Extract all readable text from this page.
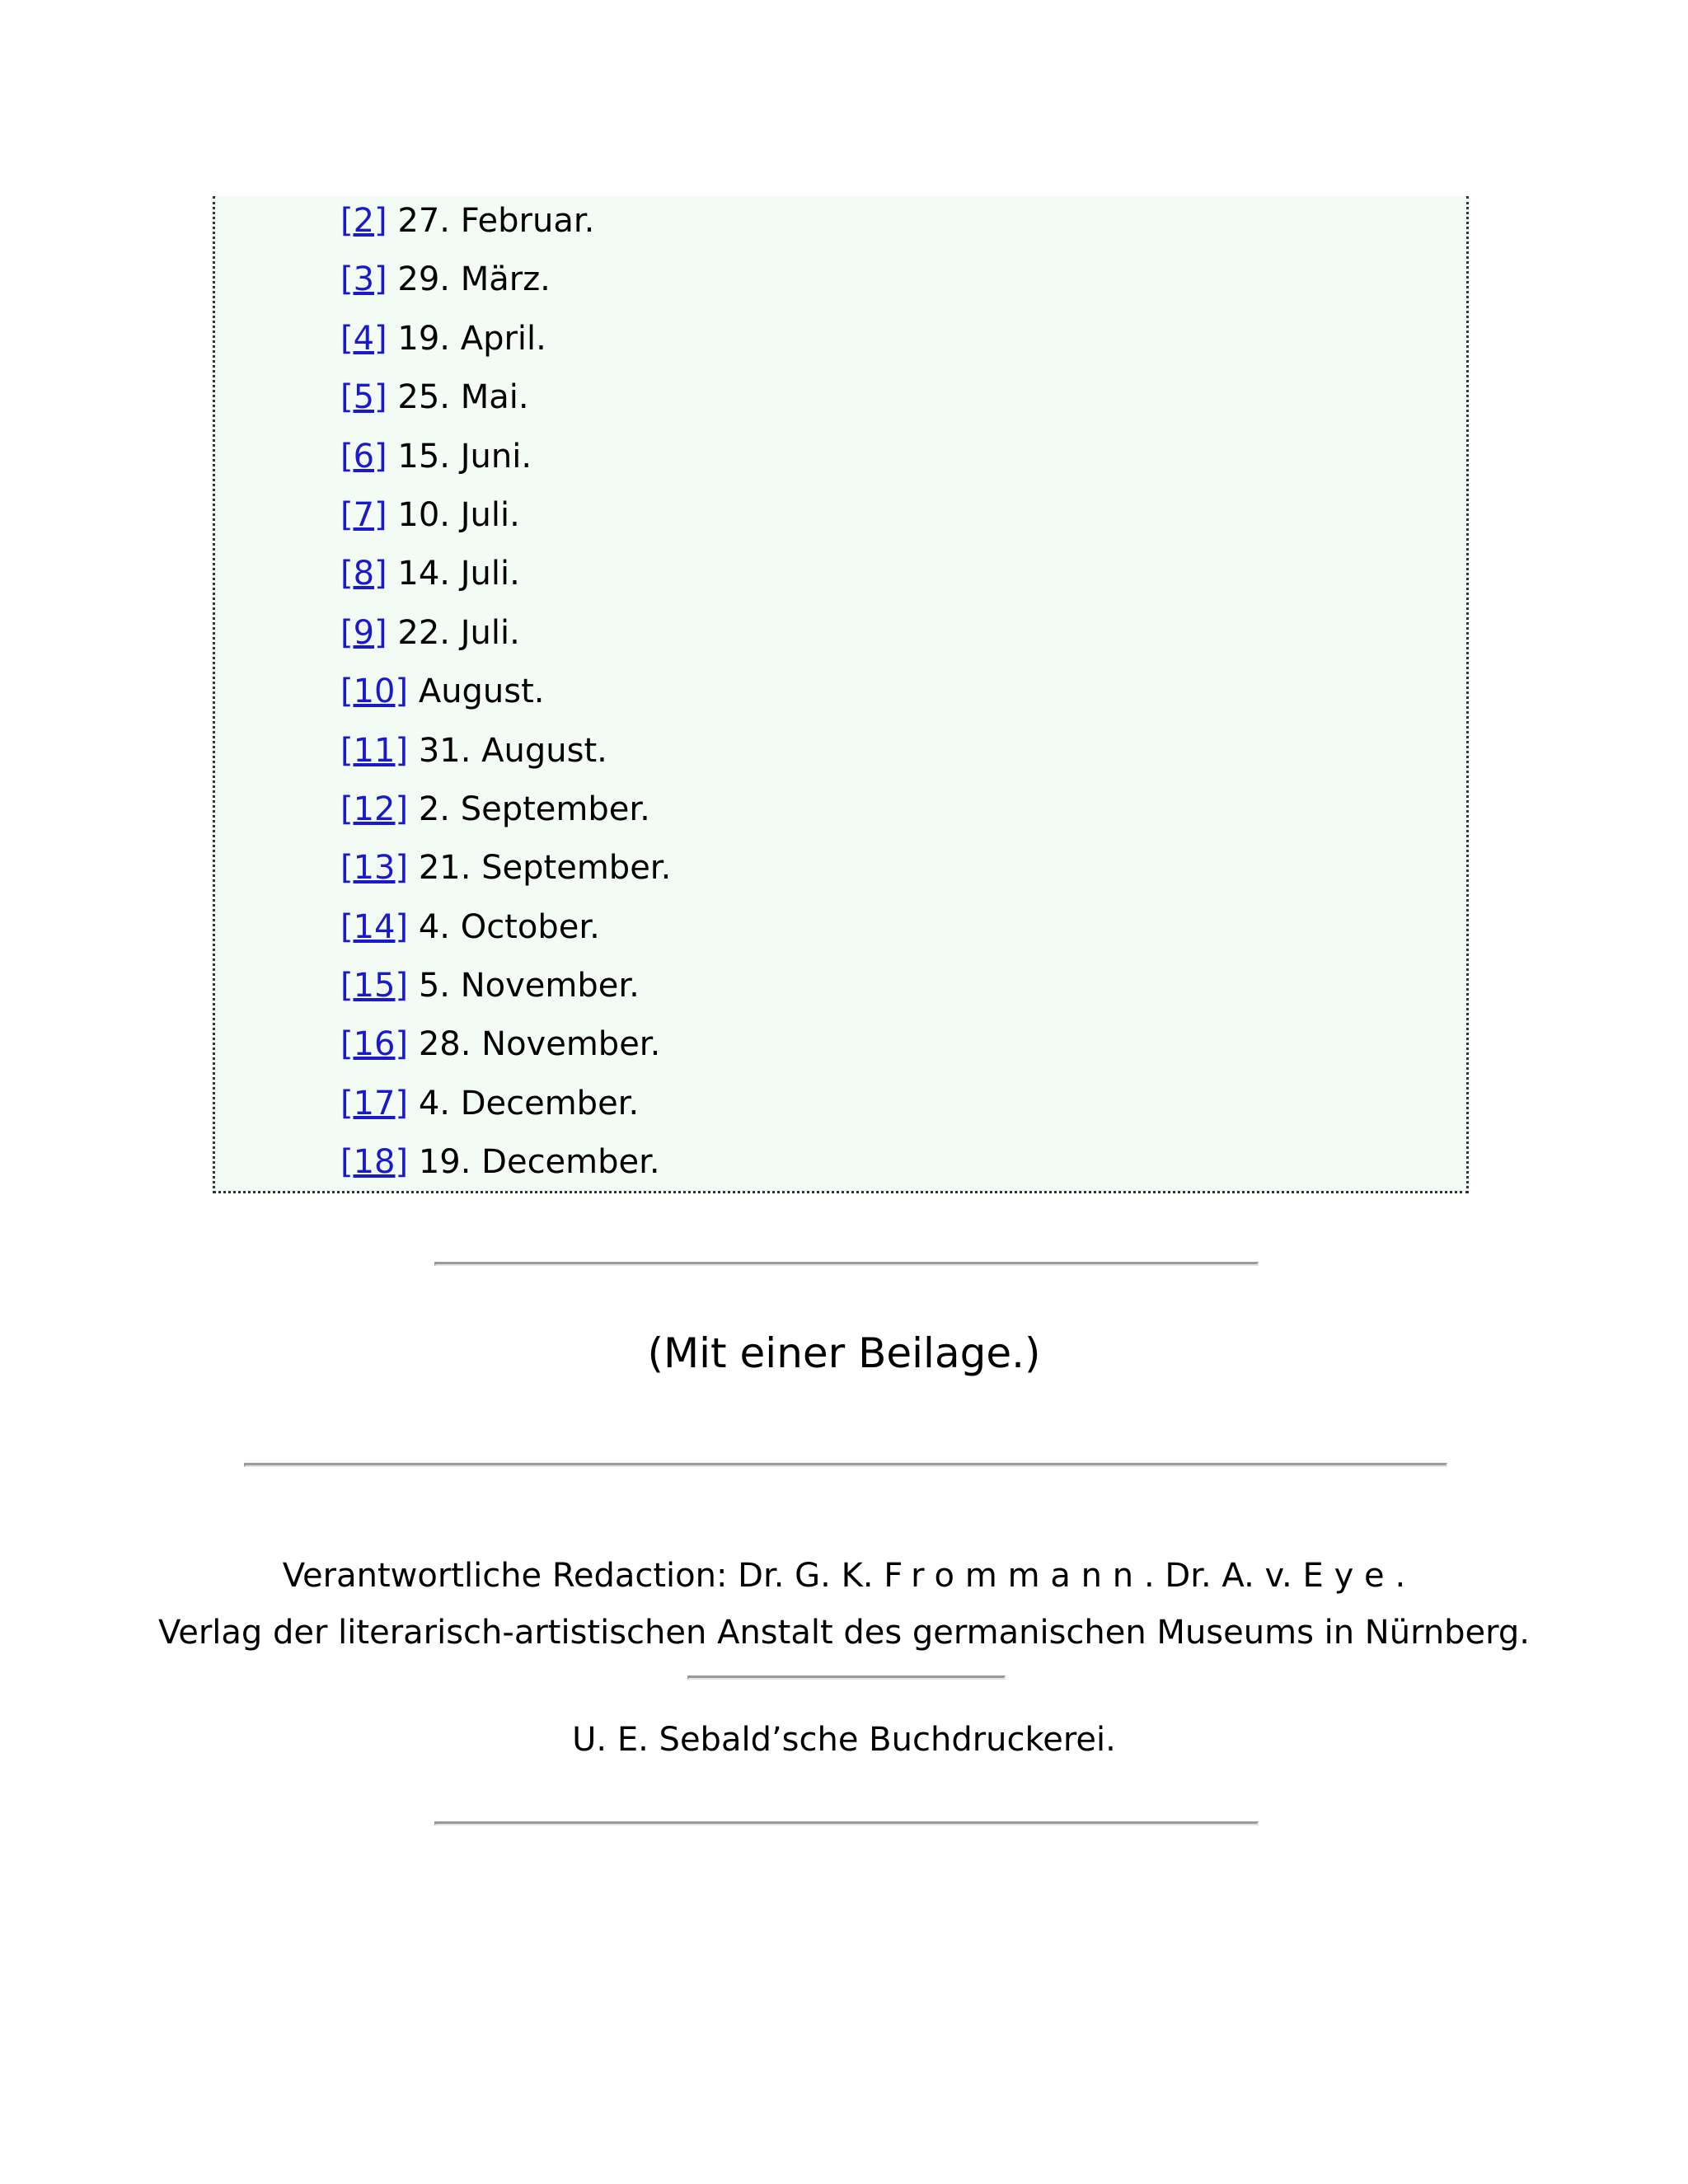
[2] 27. Februar.
[3] 29. März.
[4] 19. April.
[5] 25. Mai.
[6] 15. Juni.
[7] 10. Juli.
[8] 14. Juli.
[9] 22. Juli.
[10] August.
[11] 31. August.
[12] 2. September.
[13] 21. September.
[14] 4. October.
[15] 5. November.
[16] 28. November.
[17] 4. December.
[18] 19. December.
(Mit einer Beilage.)
Verantwortliche Redaction: Dr. G. K. Frommann. Dr. A. v. Eye.
Verlag der literarisch-artistischen Anstalt des germanischen Museums in Nürnberg.
U. E. Sebald’sche Buchdruckerei.
